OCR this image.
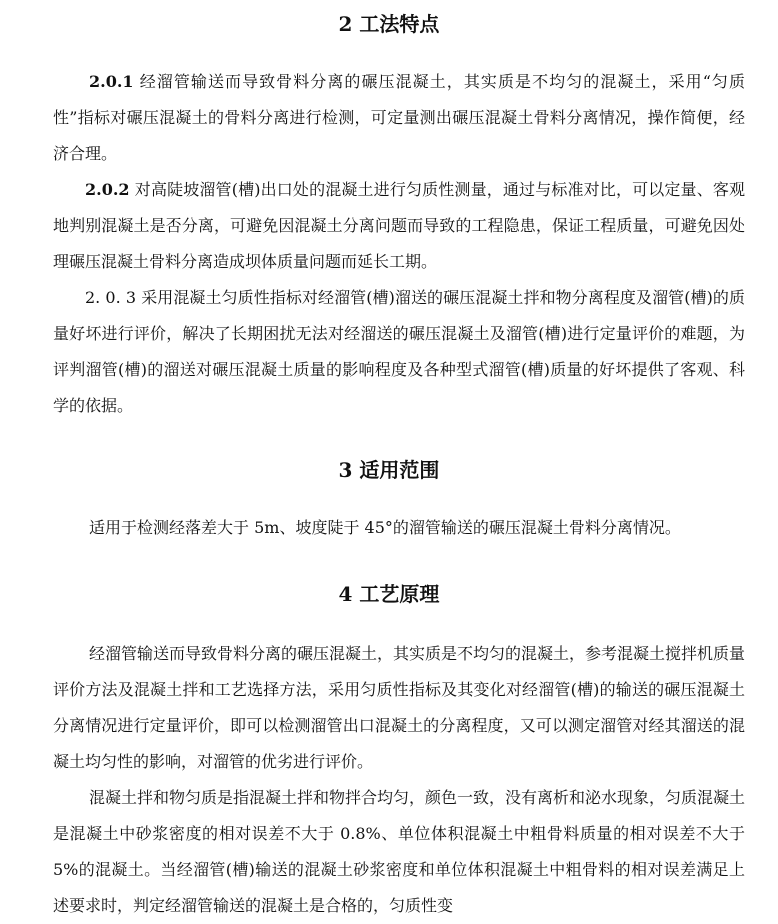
2 工法特点

2.0.1 经溜管输送而导致骨料分离的碾压混凝土，其实质是不均匀的混凝土，采用“匀质性”指标对碾压混凝土的骨料分离进行检测，可定量测出碾压混凝土骨料分离情况，操作简便，经济合理。

2.0.2 对高陡坡溜管(槽)出口处的混凝土进行匀质性测量，通过与标准对比，可以定量、客观地判别混凝土是否分离，可避免因混凝土分离问题而导致的工程隐患，保证工程质量，可避免因处理碾压混凝土骨料分离造成坝体质量问题而延长工期。

2. 0. 3 采用混凝土匀质性指标对经溜管(槽)溜送的碾压混凝土拌和物分离程度及溜管(槽)的质量好坏进行评价，解决了长期困扰无法对经溜送的碾压混凝土及溜管(槽)进行定量评价的难题，为评判溜管(槽)的溜送对碾压混凝土质量的影响程度及各种型式溜管(槽)质量的好坏提供了客观、科学的依据。

3 适用范围

适用于检测经落差大于 5m、坡度陡于 45°的溜管输送的碾压混凝土骨料分离情况。

4 工艺原理

经溜管输送而导致骨料分离的碾压混凝土，其实质是不均匀的混凝土，参考混凝土搅拌机质量评价方法及混凝土拌和工艺选择方法，采用匀质性指标及其变化对经溜管(槽)的输送的碾压混凝土分离情况进行定量评价，即可以检测溜管出口混凝土的分离程度，又可以测定溜管对经其溜送的混凝土均匀性的影响，对溜管的优劣进行评价。

混凝土拌和物匀质是指混凝土拌和物拌合均匀，颜色一致，没有离析和泌水现象，匀质混凝土是混凝土中砂浆密度的相对误差不大于 0.8%、单位体积混凝土中粗骨料质量的相对误差不大于 5%的混凝土。当经溜管(槽)输送的混凝土砂浆密度和单位体积混凝土中粗骨料的相对误差满足上述要求时，判定经溜管输送的混凝土是合格的，匀质性变
